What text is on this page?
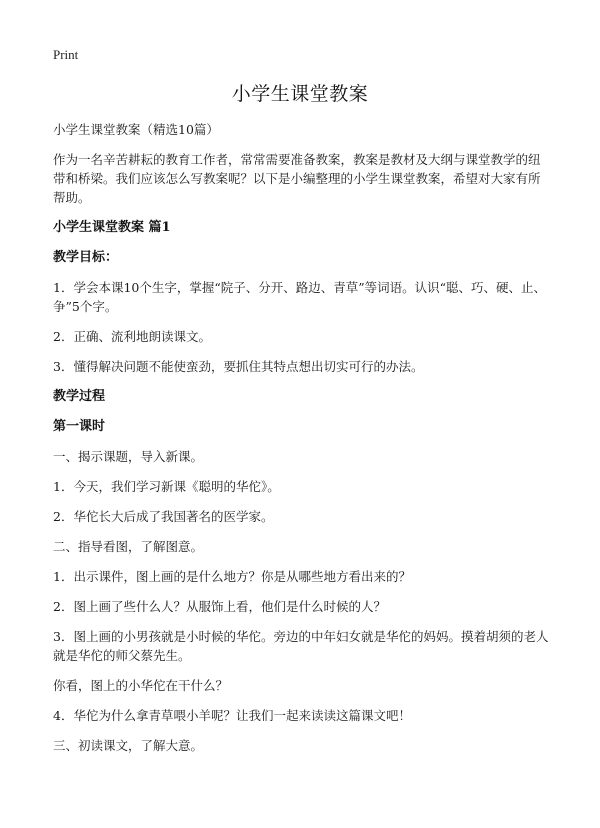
Print
小学生课堂教案

小学生课堂教案（精选10篇）

作为一名辛苦耕耘的教育工作者，常常需要准备教案，教案是教材及大纲与课堂教学的纽带和桥梁。我们应该怎么写教案呢？以下是小编整理的小学生课堂教案，希望对大家有所帮助。

小学生课堂教案 篇1

教学目标：

1．学会本课10个生字，掌握“院子、分开、路边、青草”等词语。认识“聪、巧、硬、止、争”5个字。

2．正确、流利地朗读课文。

3．懂得解决问题不能使蛮劲，要抓住其特点想出切实可行的办法。

教学过程

第一课时

一、揭示课题，导入新课。

1．今天，我们学习新课《聪明的华佗》。

2．华佗长大后成了我国著名的医学家。

二、指导看图，了解图意。

1．出示课件，图上画的是什么地方？你是从哪些地方看出来的？

2．图上画了些什么人？从服饰上看，他们是什么时候的人？

3．图上画的小男孩就是小时候的华佗。旁边的中年妇女就是华佗的妈妈。摸着胡须的老人就是华佗的师父蔡先生。

你看，图上的小华佗在干什么？

4．华佗为什么拿青草喂小羊呢？让我们一起来读读这篇课文吧！

三、初读课文，了解大意。
